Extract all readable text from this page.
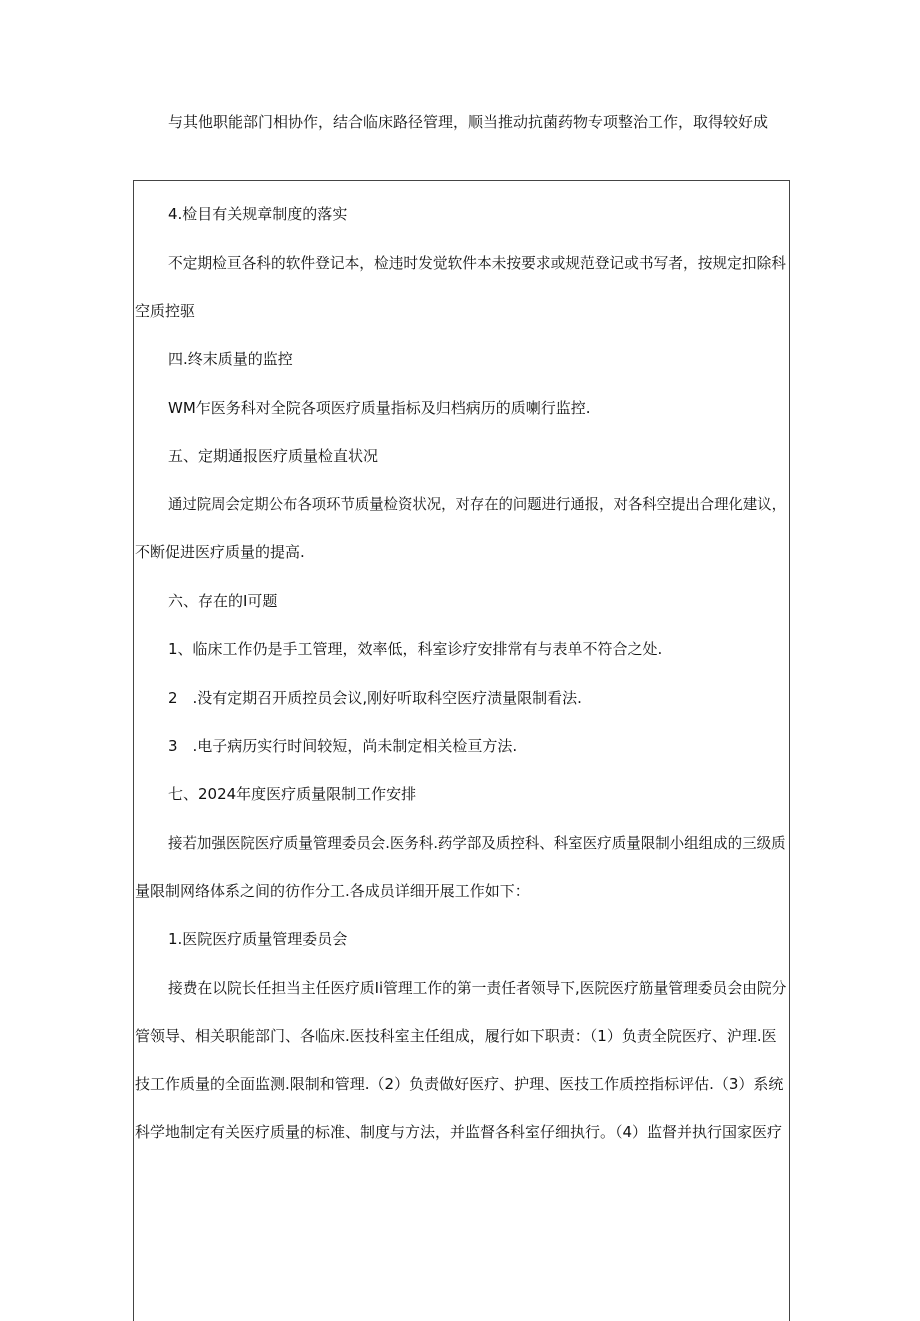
与其他职能部门相协作，结合临床路径管理，顺当推动抗菌药物专项整治工作，取得较好成
4.检目有关规章制度的落实
不定期检亘各科的软件登记本，检违时发觉软件本未按要求或规范登记或书写者，按规定扣除科
空质控驱
四.终末质量的监控
WM乍医务科对全院各项医疗质量指标及归档病历的质喇行监控.
五、定期通报医疗质量检直状况
通过院周会定期公布各项环节质量检资状况，对存在的问题进行通报，对各科空提出合理化建议，
不断促进医疗质量的提高.
六、存在的I可题
1、临床工作仍是手工管理，效率低，科室诊疗安排常有与表单不符合之处.
2　.没有定期召开质控员会议,刚好听取科空医疗渍量限制看法.
3　.电子病历实行时间较短，尚未制定相关检亘方法.
七、2024年度医疗质量限制工作安排
接若加强医院医疗质量管理委员会.医务科.药学部及质控科、科室医疗质量限制小组组成的三级质
量限制网络体系之间的彷作分工.各成员详细开展工作如下：
1.医院医疗质量管理委员会
接费在以院长任担当主任医疗质Ii管理工作的第一责任者领导下,医院医疗筋量管理委员会由院分
管领导、相关职能部门、各临床.医技科室主任组成，履行如下职责：（1）负责全院医疗、沪理.医
技工作质量的全面监测.限制和管理.（2）负责做好医疗、护理、医技工作质控指标评估.（3）系统
科学地制定有关医疗质量的标准、制度与方法，并监督各科室仔细执行。（4）监督并执行国家医疗
